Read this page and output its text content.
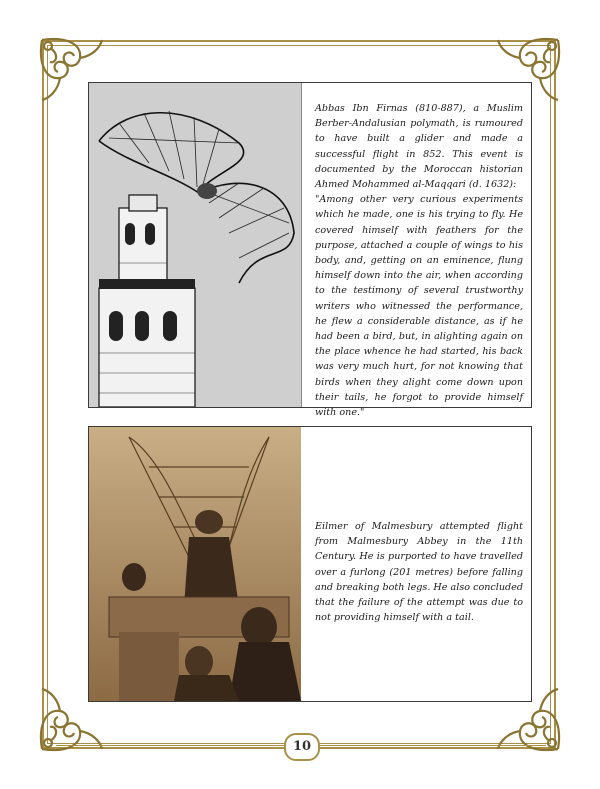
Abbas Ibn Firnas (810-887), a Muslim Berber-Andalusian polymath, is rumoured to have built a glider and made a successful flight in 852. This event is documented by the Moroccan historian Ahmed Mohammed al-Maqqari (d. 1632):

"Among other very curious experiments which he made, one is his trying to fly. He covered himself with feathers for the purpose, attached a couple of wings to his body, and, getting on an eminence, flung himself down into the air, when according to the testimony of several trustworthy writers who witnessed the performance, he flew a considerable distance, as if he had been a bird, but, in alighting again on the place whence he had started, his back was very much hurt, for not knowing that birds when they alight come down upon their tails, he forgot to provide himself with one."

Eilmer of Malmesbury attempted flight from Malmesbury Abbey in the 11th Century. He is purported to have travelled over a furlong (201 metres) before falling and breaking both legs. He also concluded that the failure of the attempt was due to not providing himself with a tail.
10
